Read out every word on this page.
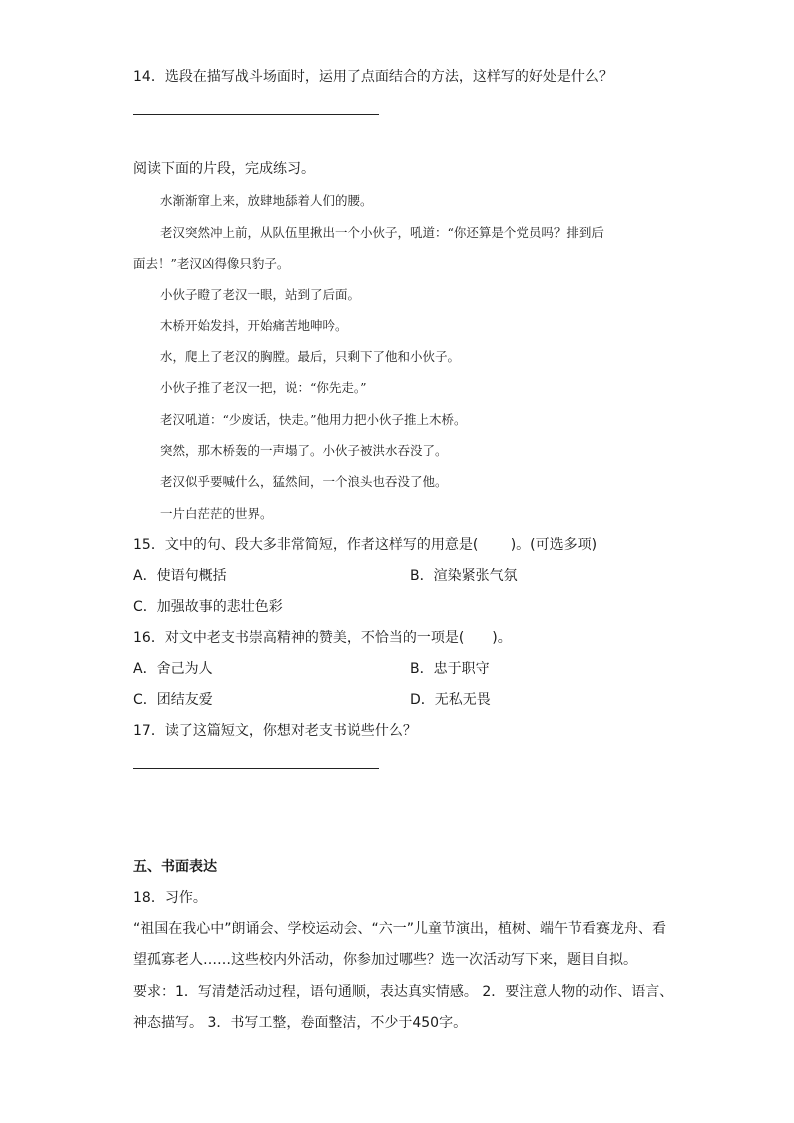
14．选段在描写战斗场面时，运用了点面结合的方法，这样写的好处是什么？
阅读下面的片段，完成练习。
水渐渐窜上来，放肆地舔着人们的腰。
老汉突然冲上前，从队伍里揪出一个小伙子，吼道：“你还算是个党员吗？排到后
面去！”老汉凶得像只豹子。
小伙子瞪了老汉一眼，站到了后面。
木桥开始发抖，开始痛苦地呻吟。
水，爬上了老汉的胸膛。最后，只剩下了他和小伙子。
小伙子推了老汉一把，说：“你先走。”
老汉吼道：“少废话，快走。”他用力把小伙子推上木桥。
突然，那木桥轰的一声塌了。小伙子被洪水吞没了。
老汉似乎要喊什么，猛然间，一个浪头也吞没了他。
一片白茫茫的世界。
15．文中的句、段大多非常简短，作者这样写的用意是(　　 )。(可选多项)
A．使语句概括	B．渲染紧张气氛
C．加强故事的悲壮色彩
16．对文中老支书崇高精神的赞美，不恰当的一项是(　　)。
A．舍己为人	B．忠于职守
C．团结友爱	D．无私无畏
17．读了这篇短文，你想对老支书说些什么？
五、书面表达
18．习作。
“祖国在我心中”朗诵会、学校运动会、“六一”儿童节演出，植树、端午节看赛龙舟、看
望孤寡老人……这些校内外活动，你参加过哪些？选一次活动写下来，题目自拟。
要求：1．写清楚活动过程，语句通顺，表达真实情感。 2．要注意人物的动作、语言、
神态描写。 3．书写工整，卷面整洁，不少于450字。
